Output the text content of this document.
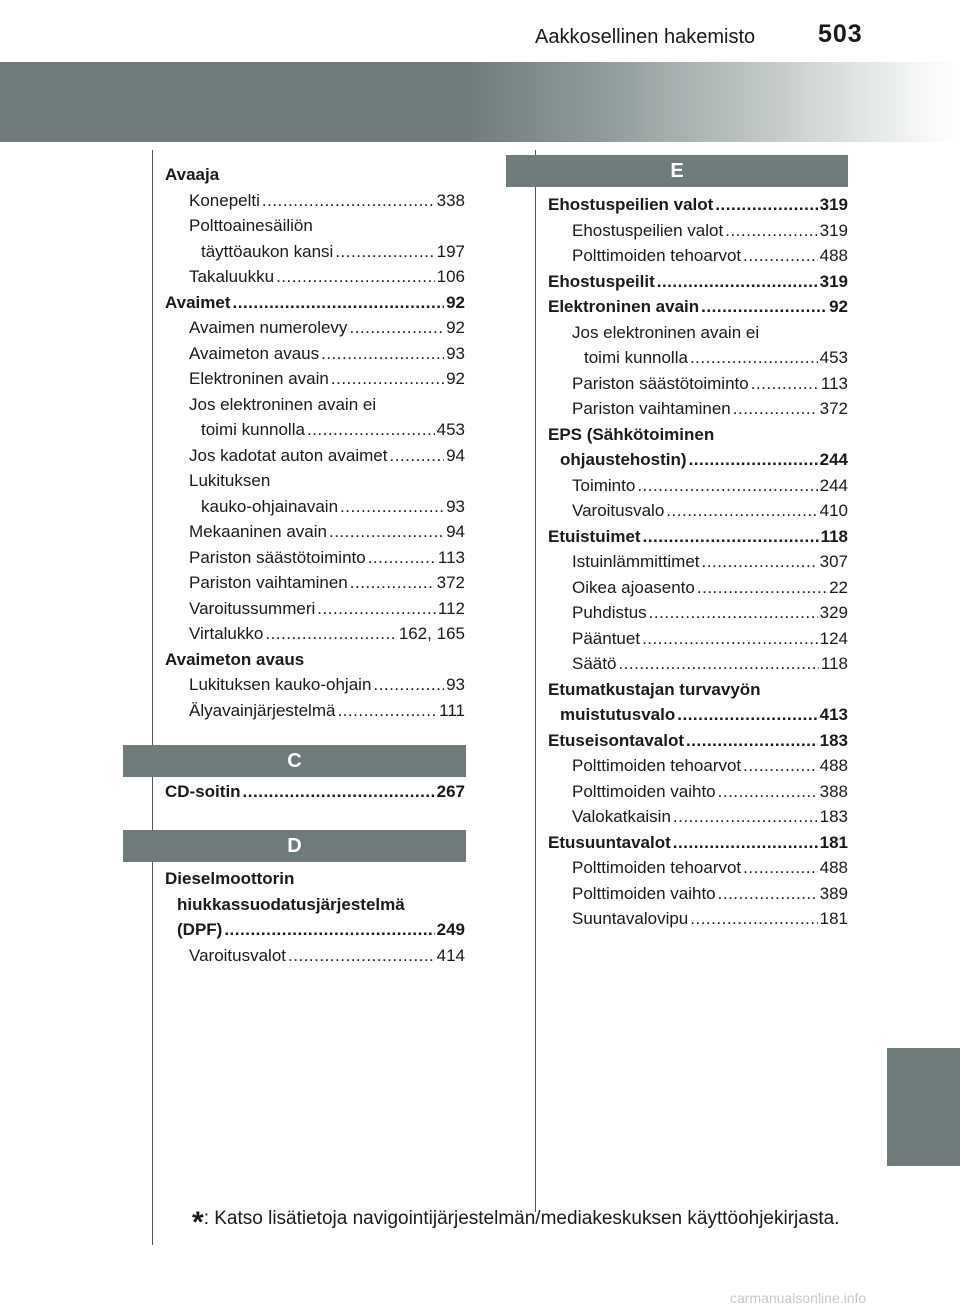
Aakkosellinen hakemisto	503
Avaaja
Konepelti .....	338
Polttoainesäiliön
täyttöaukon kansi .....	197
Takaluukku .....	106
Avaimet .....	92
Avaimen numerolevy .....	92
Avaimeton avaus .....	93
Elektroninen avain .....	92
Jos elektroninen avain ei
toimi kunnolla .....	453
Jos kadotat auton avaimet .....	94
Lukituksen
kauko-ohjainavain .....	93
Mekaaninen avain .....	94
Pariston säästötoiminto .....	113
Pariston vaihtaminen .....	372
Varoitussummeri .....	112
Virtalukko .....	162, 165
Avaimeton avaus
Lukituksen kauko-ohjain .....	93
Älyavainjärjestelmä .....	111
C
CD-soitin .....	267
D
Dieselmoottorin
hiukkassuodatusjärjestelmä
(DPF) .....	249
Varoitusvalot .....	414
E
Ehostuspeilien valot .....	319
Ehostuspeilien valot .....	319
Polttimoiden tehoarvot .....	488
Ehostuspeilit .....	319
Elektroninen avain .....	92
Jos elektroninen avain ei
toimi kunnolla .....	453
Pariston säästötoiminto .....	113
Pariston vaihtaminen .....	372
EPS (Sähkötoiminen
ohjaustehostin) .....	244
Toiminto .....	244
Varoitusvalo .....	410
Etuistuimet .....	118
Istuinlämmittimet .....	307
Oikea ajoasento .....	22
Puhdistus .....	329
Pääntuet .....	124
Säätö .....	118
Etumatkustajan turvavyön
muistutusvalo .....	413
Etuseisontavalot .....	183
Polttimoiden tehoarvot .....	488
Polttimoiden vaihto .....	388
Valokatkaisin .....	183
Etusuuntavalot .....	181
Polttimoiden tehoarvot .....	488
Polttimoiden vaihto .....	389
Suuntavalovipu .....	181
*: Katso lisätietoja navigointijärjestelmän/mediakeskuksen käyttöohjekirjasta.
carmanualsonline.info
